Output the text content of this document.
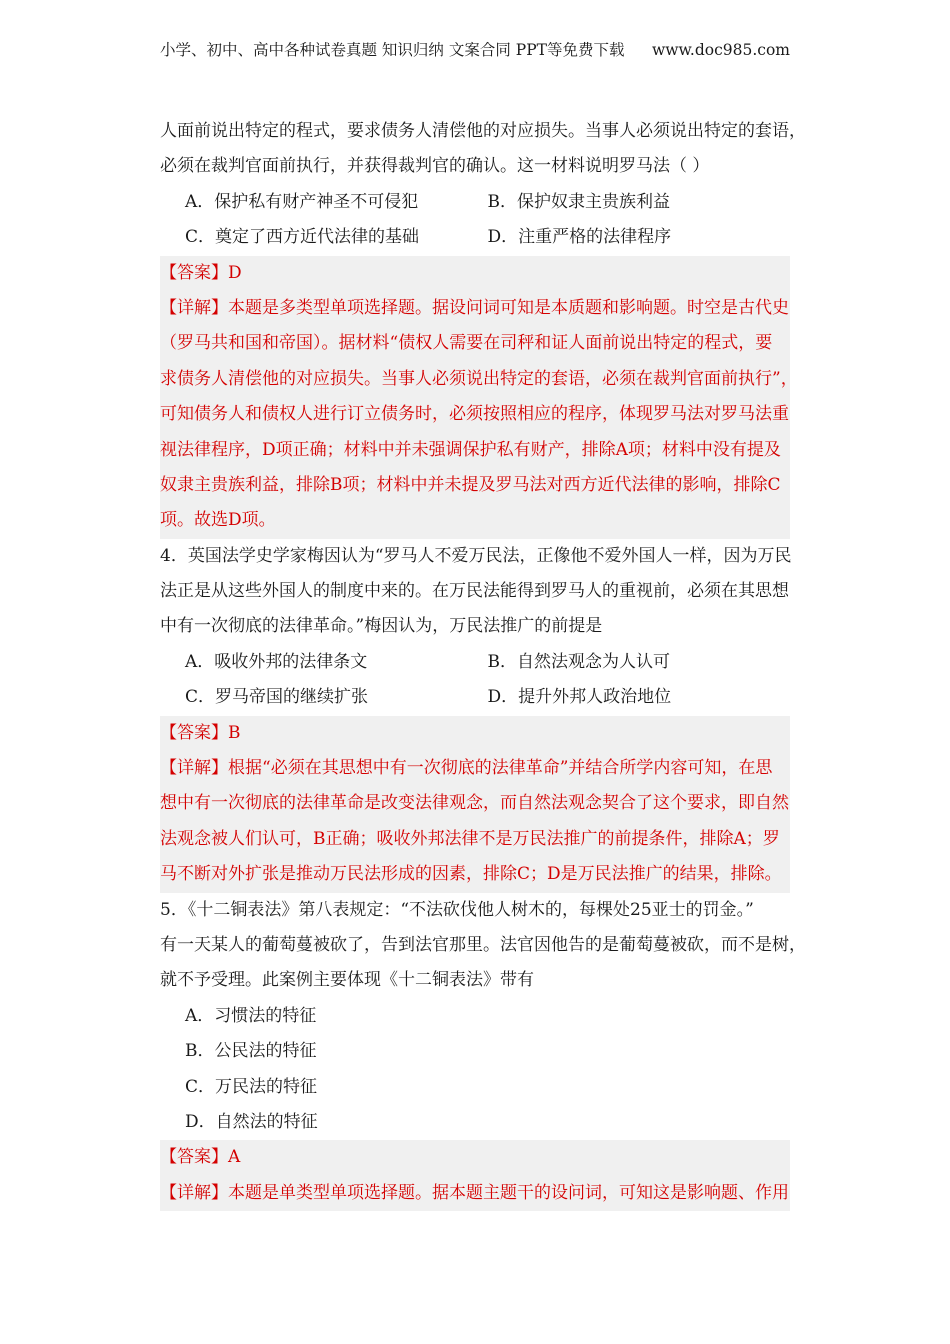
小学、初中、高中各种试卷真题 知识归纳 文案合同 PPT等免费下载 www.doc985.com
人面前说出特定的程式，要求债务人清偿他的对应损失。当事人必须说出特定的套语，
必须在裁判官面前执行，并获得裁判官的确认。这一材料说明罗马法（ ）
A．保护私有财产神圣不可侵犯	B．保护奴隶主贵族利益
C．奠定了西方近代法律的基础	D．注重严格的法律程序
【答案】D
【详解】本题是多类型单项选择题。据设问词可知是本质题和影响题。时空是古代史
（罗马共和国和帝国）。据材料“债权人需要在司秤和证人面前说出特定的程式，要
求债务人清偿他的对应损失。当事人必须说出特定的套语，必须在裁判官面前执行”，
可知债务人和债权人进行订立债务时，必须按照相应的程序，体现罗马法对罗马法重
视法律程序，D项正确；材料中并未强调保护私有财产，排除A项；材料中没有提及
奴隶主贵族利益，排除B项；材料中并未提及罗马法对西方近代法律的影响，排除C
项。故选D项。
4．英国法学史学家梅因认为“罗马人不爱万民法，正像他不爱外国人一样，因为万民
法正是从这些外国人的制度中来的。在万民法能得到罗马人的重视前，必须在其思想
中有一次彻底的法律革命。”梅因认为，万民法推广的前提是
A．吸收外邦的法律条文	B．自然法观念为人认可
C．罗马帝国的继续扩张	D．提升外邦人政治地位
【答案】B
【详解】根据“必须在其思想中有一次彻底的法律革命”并结合所学内容可知，在思
想中有一次彻底的法律革命是改变法律观念，而自然法观念契合了这个要求，即自然
法观念被人们认可，B正确；吸收外邦法律不是万民法推广的前提条件，排除A；罗
马不断对外扩张是推动万民法形成的因素，排除C；D是万民法推广的结果，排除。
5．《十二铜表法》第八表规定：“不法砍伐他人树木的，每棵处25亚士的罚金。”
有一天某人的葡萄蔓被砍了，告到法官那里。法官因他告的是葡萄蔓被砍，而不是树，
就不予受理。此案例主要体现《十二铜表法》带有
A．习惯法的特征
B．公民法的特征
C．万民法的特征
D．自然法的特征
【答案】A
【详解】本题是单类型单项选择题。据本题主题干的设问词，可知这是影响题、作用
